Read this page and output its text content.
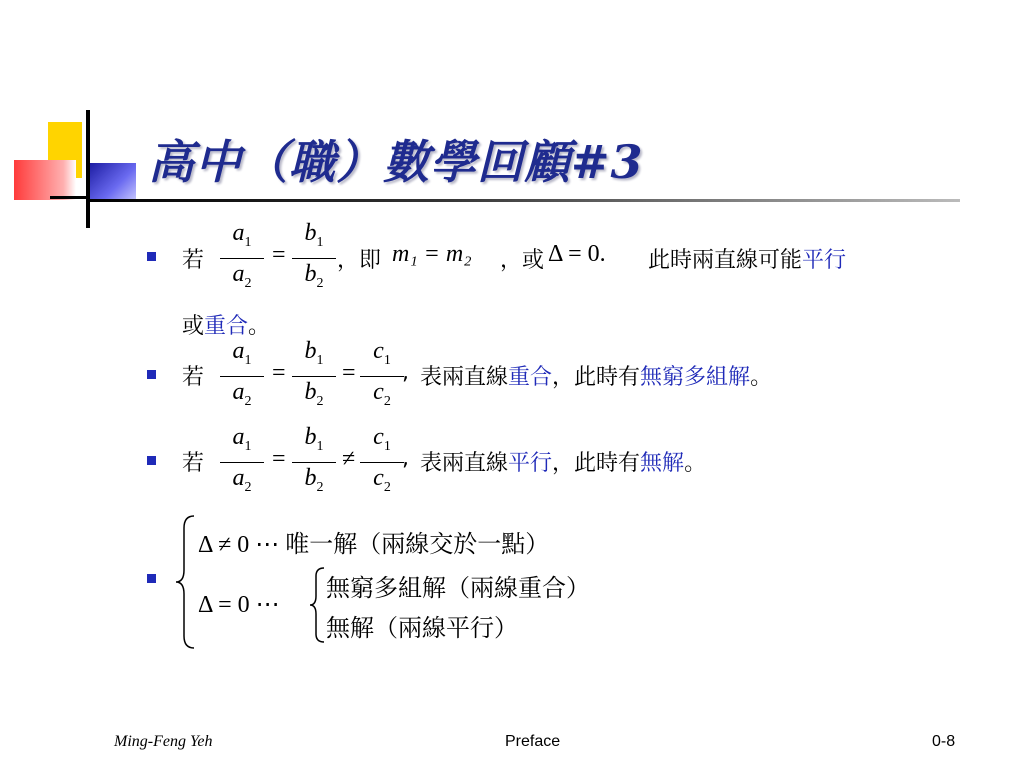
高中（職）數學回顧#3
若
$a_1$
$a_2$
=
$b_1$
$b_2$
，即 m₁ = m₂ ，或 Δ = 0. 此時兩直線可能平行
或重合。
若
$a_1$
$a_2$
=
$b_1$
$b_2$
=
$c_1$
$c_2$
, 表兩直線重合，此時有無窮多組解。
若
$a_1$
$a_2$
=
$b_1$
$b_2$
≠
$c_1$
$c_2$
, 表兩直線平行，此時有無解。
Δ ≠ 0 ⋯ 唯一解（兩線交於一點）
Δ = 0 ⋯
無窮多組解（兩線重合）
無解（兩線平行）
Ming-Feng Yeh	Preface	0-8
